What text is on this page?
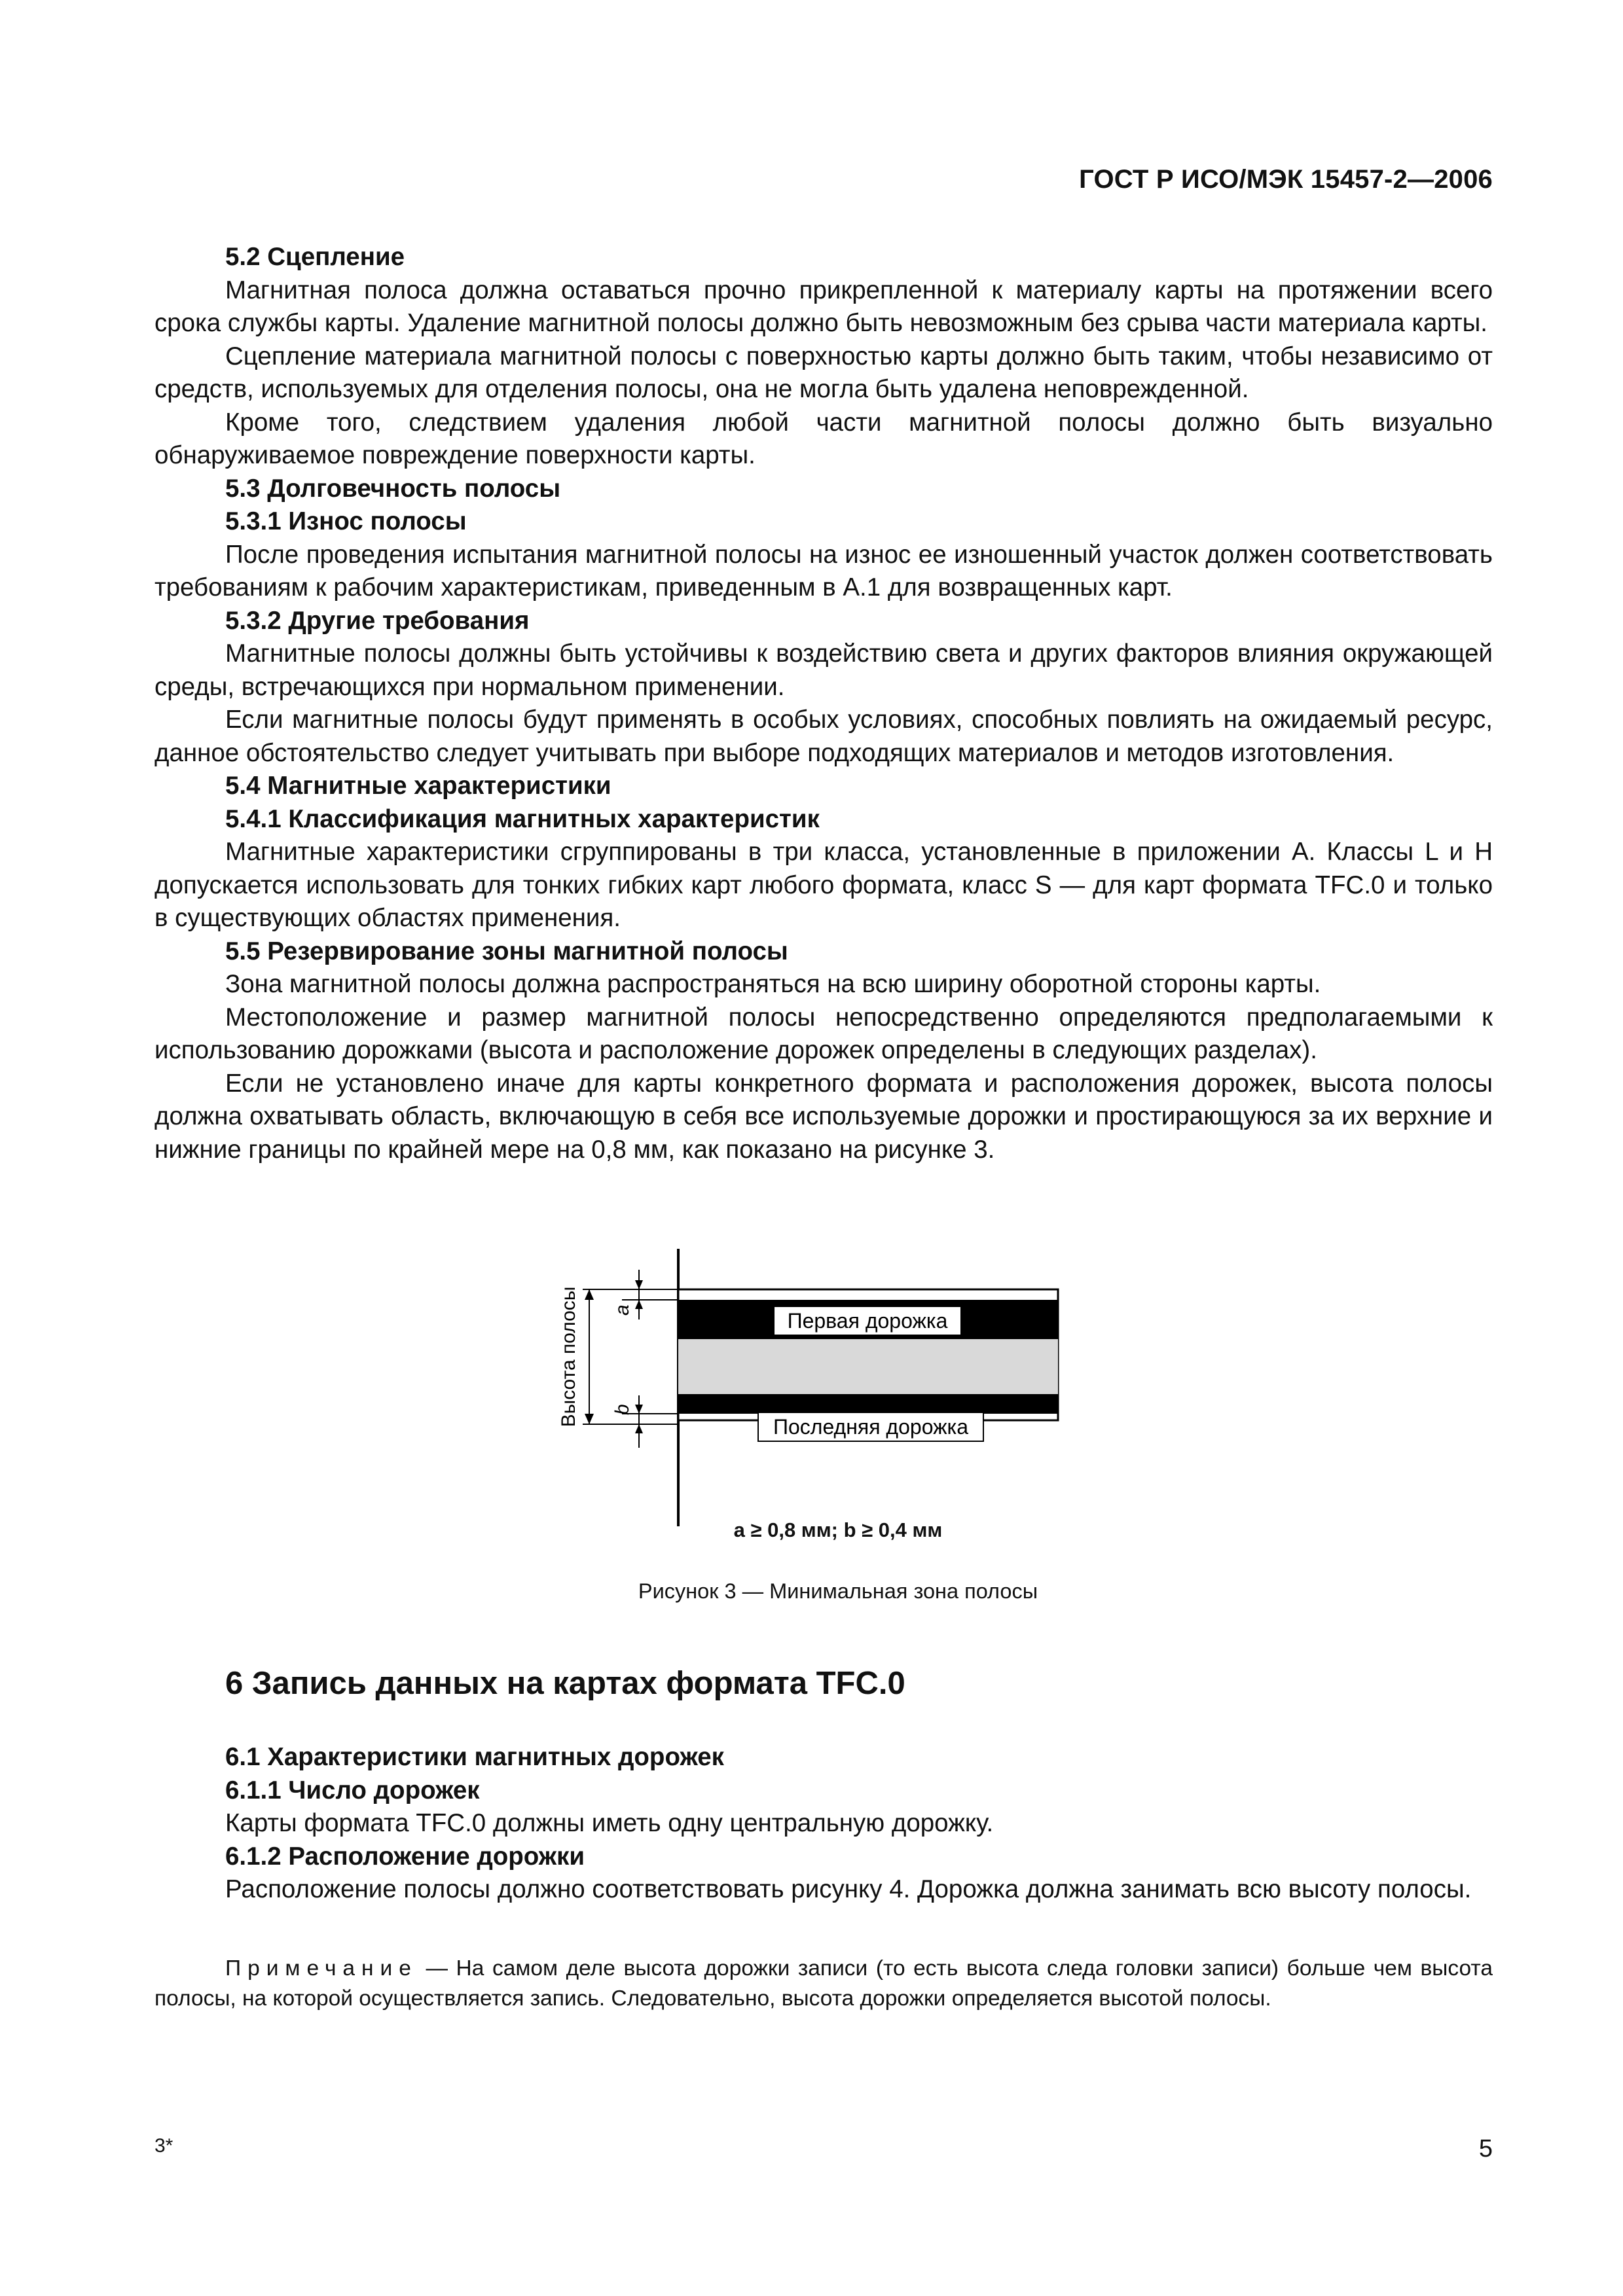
ГОСТ Р ИСО/МЭК 15457-2—2006
5.2 Сцепление

Магнитная полоса должна оставаться прочно прикрепленной к материалу карты на протяжении всего срока службы карты. Удаление магнитной полосы должно быть невозможным без срыва части материала карты.

Сцепление материала магнитной полосы с поверхностью карты должно быть таким, чтобы независимо от средств, используемых для отделения полосы, она не могла быть удалена неповрежденной.

Кроме того, следствием удаления любой части магнитной полосы должно быть визуально обнаруживаемое повреждение поверхности карты.

5.3 Долговечность полосы
5.3.1 Износ полосы

После проведения испытания магнитной полосы на износ ее изношенный участок должен соответствовать требованиям к рабочим характеристикам, приведенным в А.1 для возвращенных карт.

5.3.2 Другие требования

Магнитные полосы должны быть устойчивы к воздействию света и других факторов влияния окружающей среды, встречающихся при нормальном применении.

Если магнитные полосы будут применять в особых условиях, способных повлиять на ожидаемый ресурс, данное обстоятельство следует учитывать при выборе подходящих материалов и методов изготовления.

5.4 Магнитные характеристики
5.4.1 Классификация магнитных характеристик

Магнитные характеристики сгруппированы в три класса, установленные в приложении А. Классы L и H допускается использовать для тонких гибких карт любого формата, класс S — для карт формата TFC.0 и только в существующих областях применения.

5.5 Резервирование зоны магнитной полосы

Зона магнитной полосы должна распространяться на всю ширину оборотной стороны карты.

Местоположение и размер магнитной полосы непосредственно определяются предполагаемыми к использованию дорожками (высота и расположение дорожек определены в следующих разделах).

Если не установлено иначе для карты конкретного формата и расположения дорожек, высота полосы должна охватывать область, включающую в себя все используемые дорожки и простирающуюся за их верхние и нижние границы по крайней мере на 0,8 мм, как показано на рисунке 3.

Первая дорожка
Последняя дорожка
Высота полосы a
b
a ≥ 0,8 мм; b ≥ 0,4 мм
Рисунок 3 — Минимальная зона полосы
6 Запись данных на картах формата TFC.0
6.1 Характеристики магнитных дорожек
6.1.1 Число дорожек

Карты формата TFC.0 должны иметь одну центральную дорожку.

6.1.2 Расположение дорожки

Расположение полосы должно соответствовать рисунку 4. Дорожка должна занимать всю высоту полосы.

Примечание — На самом деле высота дорожки записи (то есть высота следа головки записи) больше чем высота полосы, на которой осуществляется запись. Следовательно, высота дорожки определяется высотой полосы.
3*	5
